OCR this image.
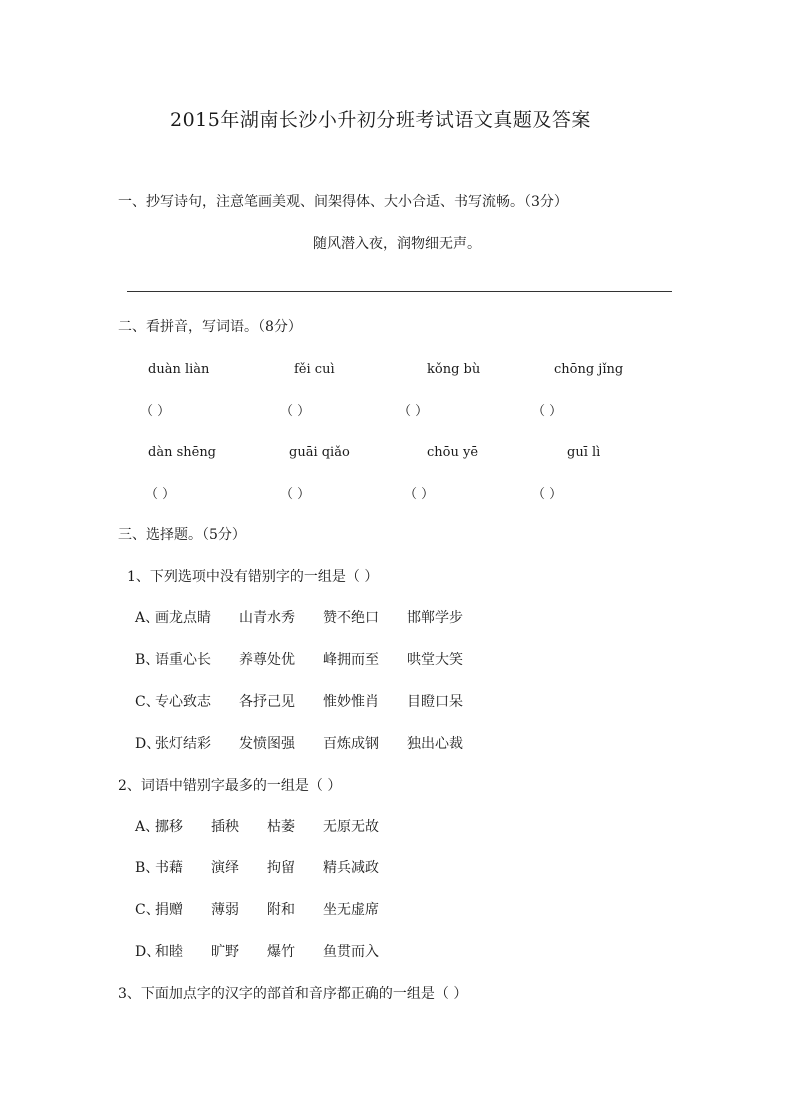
2015年湖南长沙小升初分班考试语文真题及答案
一、抄写诗句，注意笔画美观、间架得体、大小合适、书写流畅。（3分）
随风潜入夜，润物细无声。
二、看拼音，写词语。（8分）
duàn liàn	fěi cuì	kǒng bù	chōng jǐng
（ ）	（ ）	（ ）	（ ）
dàn shēng	guāi qiǎo	chōu yē	guī lì
（ ）	（ ）	（ ）	（ ）
三、选择题。（5分）
1、下列选项中没有错别字的一组是（ ）
A、
画龙点睛 山青水秀 赞不绝口 邯郸学步
B、
语重心长 养尊处优 峰拥而至 哄堂大笑
C、
专心致志 各抒己见 惟妙惟肖 目瞪口呆
D、
张灯结彩 发愤图强 百炼成钢 独出心裁
2、词语中错别字最多的一组是（ ）
A、
挪移 插秧 枯萎 无原无故
B、
书藉 演绎 拘留 精兵减政
C、
捐赠 薄弱 附和 坐无虚席
D、
和睦 旷野 爆竹 鱼贯而入
3、下面加点字的汉字的部首和音序都正确的一组是（ ）
